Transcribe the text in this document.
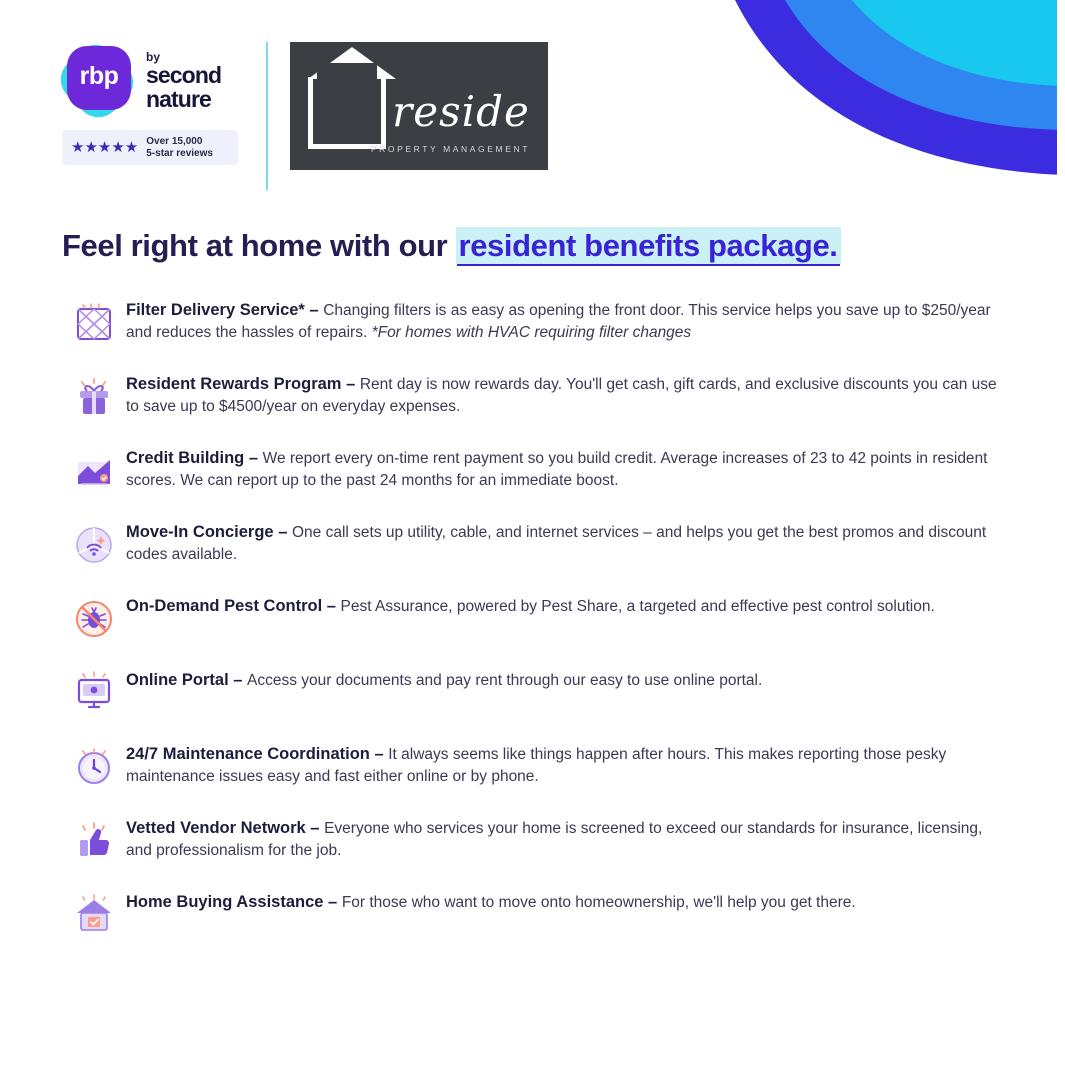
rbp
by
second
nature
★★★★★ Over 15,000
5-star reviews
reside
PROPERTY MANAGEMENT
Feel right at home with our resident benefits package.
Filter Delivery Service* – Changing filters is as easy as opening the front door. This service helps you save up to $250/year and reduces the hassles of repairs. *For homes with HVAC requiring filter changes
Resident Rewards Program – Rent day is now rewards day. You'll get cash, gift cards, and exclusive discounts you can use to save up to $4500/year on everyday expenses.
Credit Building – We report every on-time rent payment so you build credit. Average increases of 23 to 42 points in resident scores. We can report up to the past 24 months for an immediate boost.
Move-In Concierge – One call sets up utility, cable, and internet services – and helps you get the best promos and discount codes available.
On-Demand Pest Control – Pest Assurance, powered by Pest Share, a targeted and effective pest control solution.
Online Portal – Access your documents and pay rent through our easy to use online portal.
24/7 Maintenance Coordination – It always seems like things happen after hours. This makes reporting those pesky maintenance issues easy and fast either online or by phone.
Vetted Vendor Network – Everyone who services your home is screened to exceed our standards for insurance, licensing, and professionalism for the job.
Home Buying Assistance – For those who want to move onto homeownership, we'll help you get there.
